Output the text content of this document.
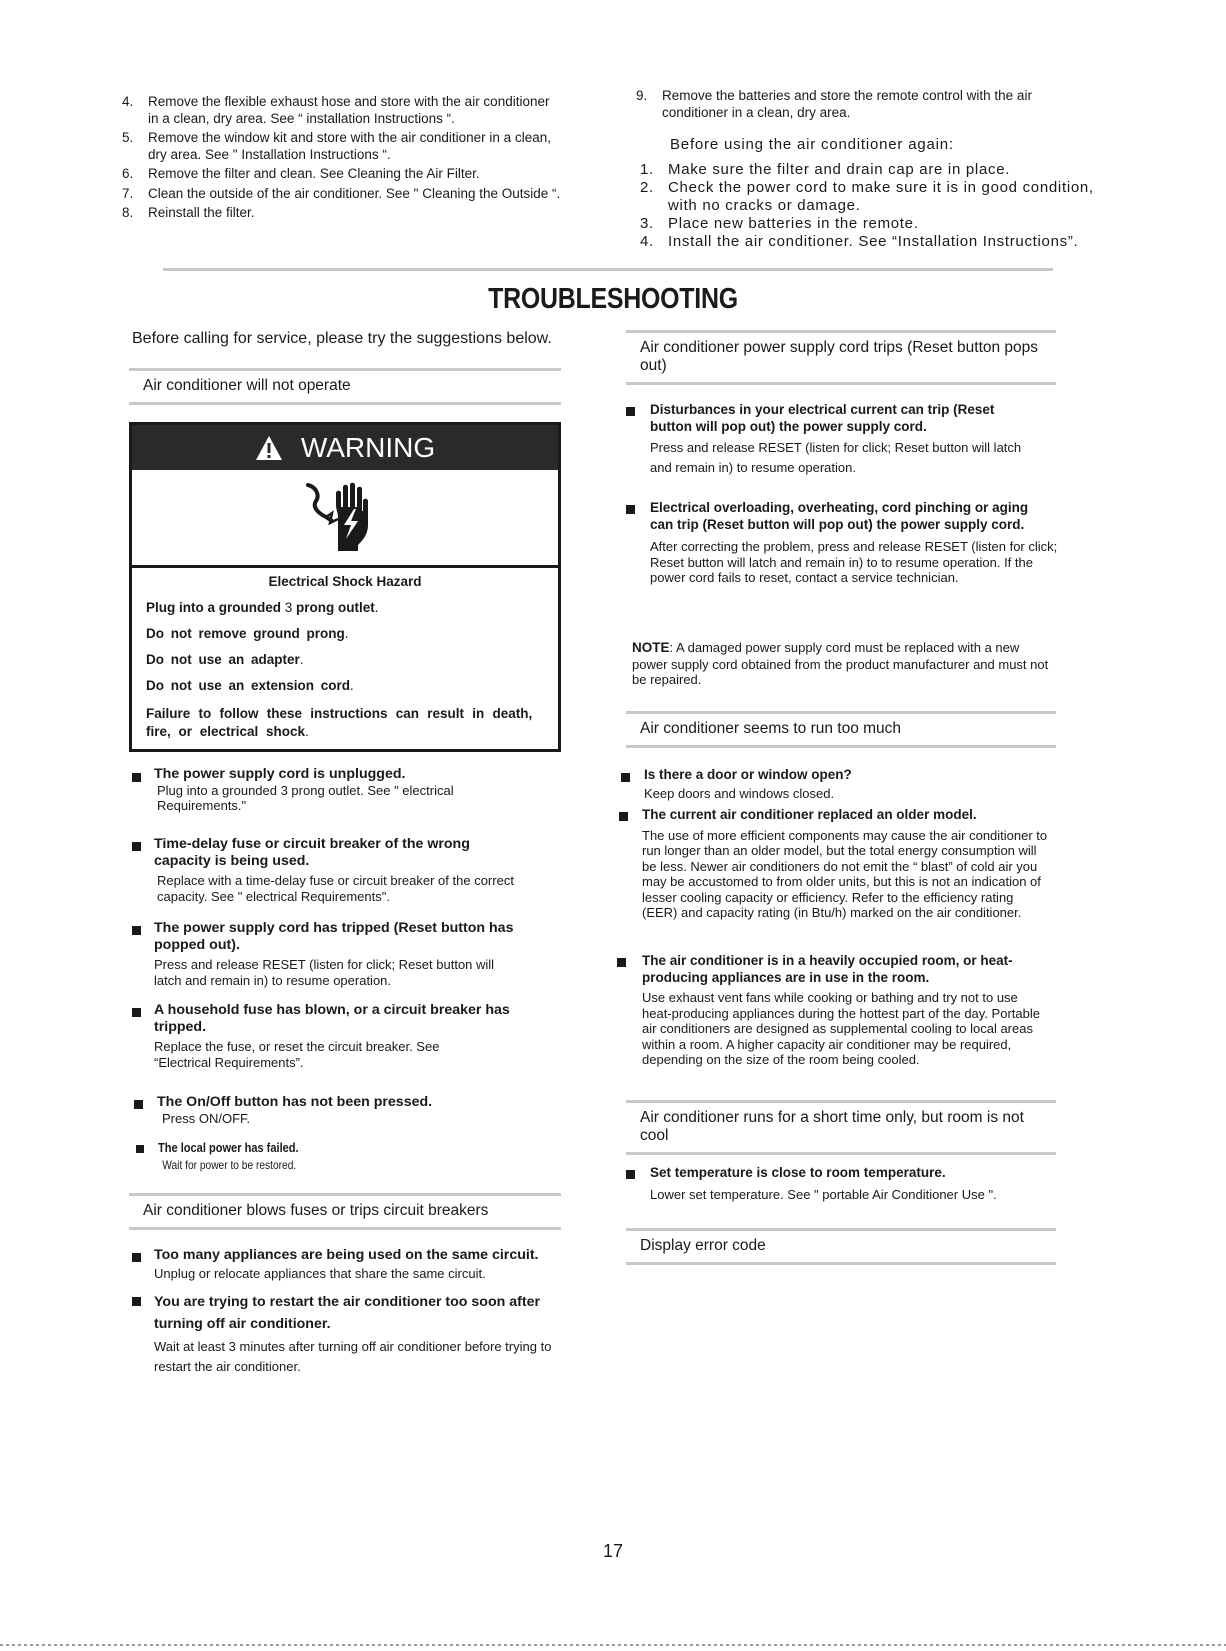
4. Remove the flexible exhaust hose and store with the air conditioner in a clean, dry area. See “ installation Instructions “.
5. Remove the window kit and store with the air conditioner in a clean, dry area. See " Installation Instructions “.
6. Remove the filter and clean. See Cleaning the Air Filter.
7. Clean the outside of the air conditioner. See " Cleaning the Outside “.
8. Reinstall the filter.
9. Remove the batteries and store the remote control with the air conditioner in a clean, dry area.
Before using the air conditioner again:
1. Make sure the filter and drain cap are in place.
2. Check the power cord to make sure it is in good condition, with no cracks or damage.
3. Place new batteries in the remote.
4. Install the air conditioner. See “Installation Instructions”.
TROUBLESHOOTING
Before calling for service, please try the suggestions below.
Air conditioner will not operate
WARNING
Electrical Shock Hazard
Plug into a grounded 3 prong outlet.
Do not remove ground prong.
Do not use an adapter.
Do not use an extension cord.
Failure to follow these instructions can result in death,
fire, or electrical shock.
The power supply cord is unplugged.
Plug into a grounded 3 prong outlet. See " electrical Requirements."
Time-delay fuse or circuit breaker of the wrong capacity is being used.
Replace with a time-delay fuse or circuit breaker of the correct capacity. See " electrical Requirements".
The power supply cord has tripped (Reset button has popped out).
Press and release RESET (listen for click; Reset button will latch and remain in) to resume operation.
A household fuse has blown, or a circuit breaker has tripped.
Replace the fuse, or reset the circuit breaker. See “Electrical Requirements”.
The On/Off button has not been pressed.
Press ON/OFF.
The local power has failed.
Wait for power to be restored.
Air conditioner blows fuses or trips circuit breakers
Too many appliances are being used on the same circuit.
Unplug or relocate appliances that share the same circuit.
You are trying to restart the air conditioner too soon after turning off air conditioner.
Wait at least 3 minutes after turning off air conditioner before trying to restart the air conditioner.
Air conditioner power supply cord trips (Reset button pops out)
Disturbances in your electrical current can trip (Reset button will pop out) the power supply cord.
Press and release RESET (listen for click; Reset button will latch and remain in) to resume operation.
Electrical overloading, overheating, cord pinching or aging can trip (Reset button will pop out) the power supply cord.
After correcting the problem, press and release RESET (listen for click; Reset button will latch and remain in) to to resume operation. If the power cord fails to reset, contact a service technician.
NOTE: A damaged power supply cord must be replaced with a new power supply cord obtained from the product manufacturer and must not be repaired.
Air conditioner seems to run too much
Is there a door or window open?
Keep doors and windows closed.
The current air conditioner replaced an older model.
The use of more efficient components may cause the air conditioner to run longer than an older model, but the total energy consumption will be less. Newer air conditioners do not emit the “ blast” of cold air you may be accustomed to from older units, but this is not an indication of lesser cooling capacity or efficiency. Refer to the efficiency rating (EER) and capacity rating (in Btu/h) marked on the air conditioner.
The air conditioner is in a heavily occupied room, or heat-producing appliances are in use in the room.
Use exhaust vent fans while cooking or bathing and try not to use heat-producing appliances during the hottest part of the day. Portable air conditioners are designed as supplemental cooling to local areas within a room. A higher capacity air conditioner may be required, depending on the size of the room being cooled.
Air conditioner runs for a short time only, but room is not cool
Set temperature is close to room temperature.
Lower set temperature. See " portable Air Conditioner Use ".
Display error code
17
